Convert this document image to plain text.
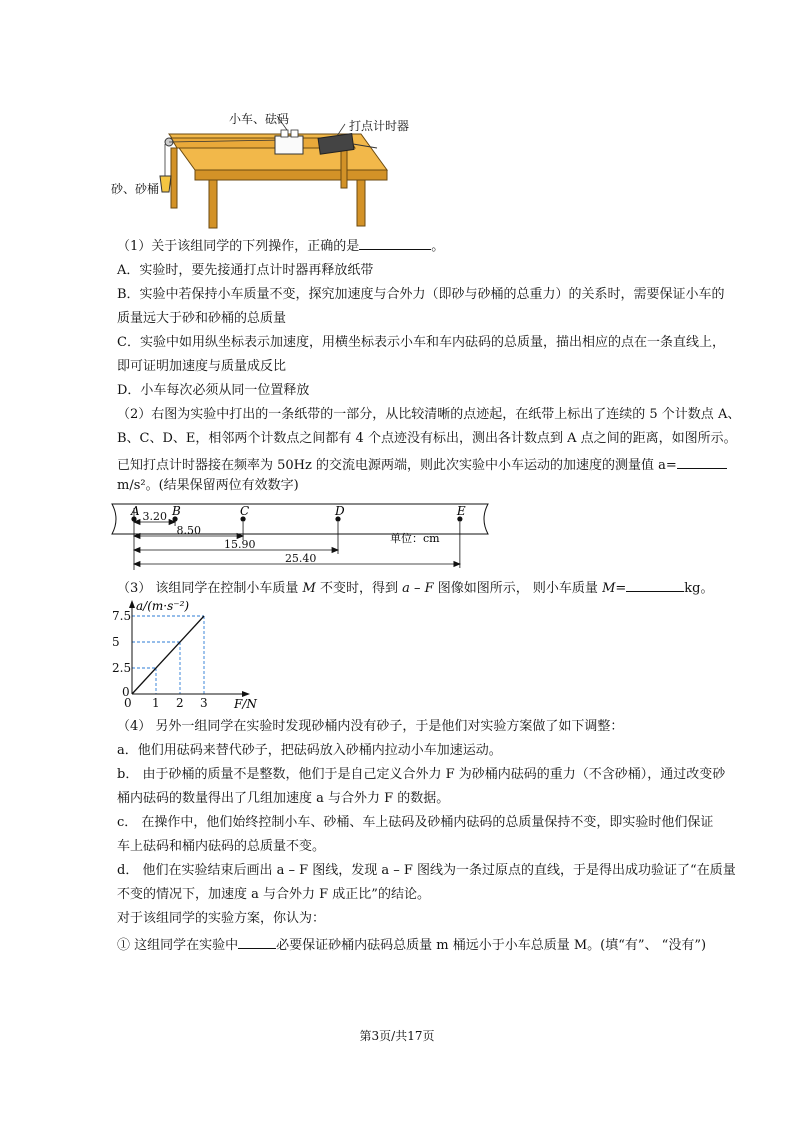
小车、砝码	打点计时器
砂、砂桶
（1）关于该组同学的下列操作，正确的是	。
A．实验时，要先接通打点计时器再释放纸带
B．实验中若保持小车质量不变，探究加速度与合外力（即砂与砂桶的总重力）的关系时，需要保证小车的
质量远大于砂和砂桶的总质量
C．实验中如用纵坐标表示加速度，用横坐标表示小车和车内砝码的总质量，描出相应的点在一条直线上，
即可证明加速度与质量成反比
D．小车每次必须从同一位置释放
（2）右图为实验中打出的一条纸带的一部分，从比较清晰的点迹起，在纸带上标出了连续的 5 个计数点 A、
B、C、D、E，相邻两个计数点之间都有 4 个点迹没有标出，测出各计数点到 A 点之间的距离，如图所示。
已知打点计时器接在频率为 50Hz 的交流电源两端，则此次实验中小车运动的加速度的测量值 a=
m/s²。(结果保留两位有效数字)
A	B	C	D	E
3.20
8.50
15.90
25.40
单位：cm
（3） 该组同学在控制小车质量 M 不变时，得到 a – F 图像如图所示， 则小车质量 M=	kg。
0 1 2 3
0
2.5
5
7.5
a/(m·s⁻²)
F/N
（4） 另外一组同学在实验时发现砂桶内没有砂子，于是他们对实验方案做了如下调整：
a．他们用砝码来替代砂子，把砝码放入砂桶内拉动小车加速运动。
b． 由于砂桶的质量不是整数，他们于是自己定义合外力 F 为砂桶内砝码的重力（不含砂桶），通过改变砂
桶内砝码的数量得出了几组加速度 a 与合外力 F 的数据。
c． 在操作中，他们始终控制小车、砂桶、车上砝码及砂桶内砝码的总质量保持不变，即实验时他们保证
车上砝码和桶内砝码的总质量不变。
d． 他们在实验结束后画出 a – F 图线，发现 a – F 图线为一条过原点的直线，于是得出成功验证了“在质量
不变的情况下，加速度 a 与合外力 F 成正比”的结论。
对于该组同学的实验方案，你认为：
① 这组同学在实验中	必要保证砂桶内砝码总质量 m 桶远小于小车总质量 M。(填“有”、 “没有”)
第3页/共17页
